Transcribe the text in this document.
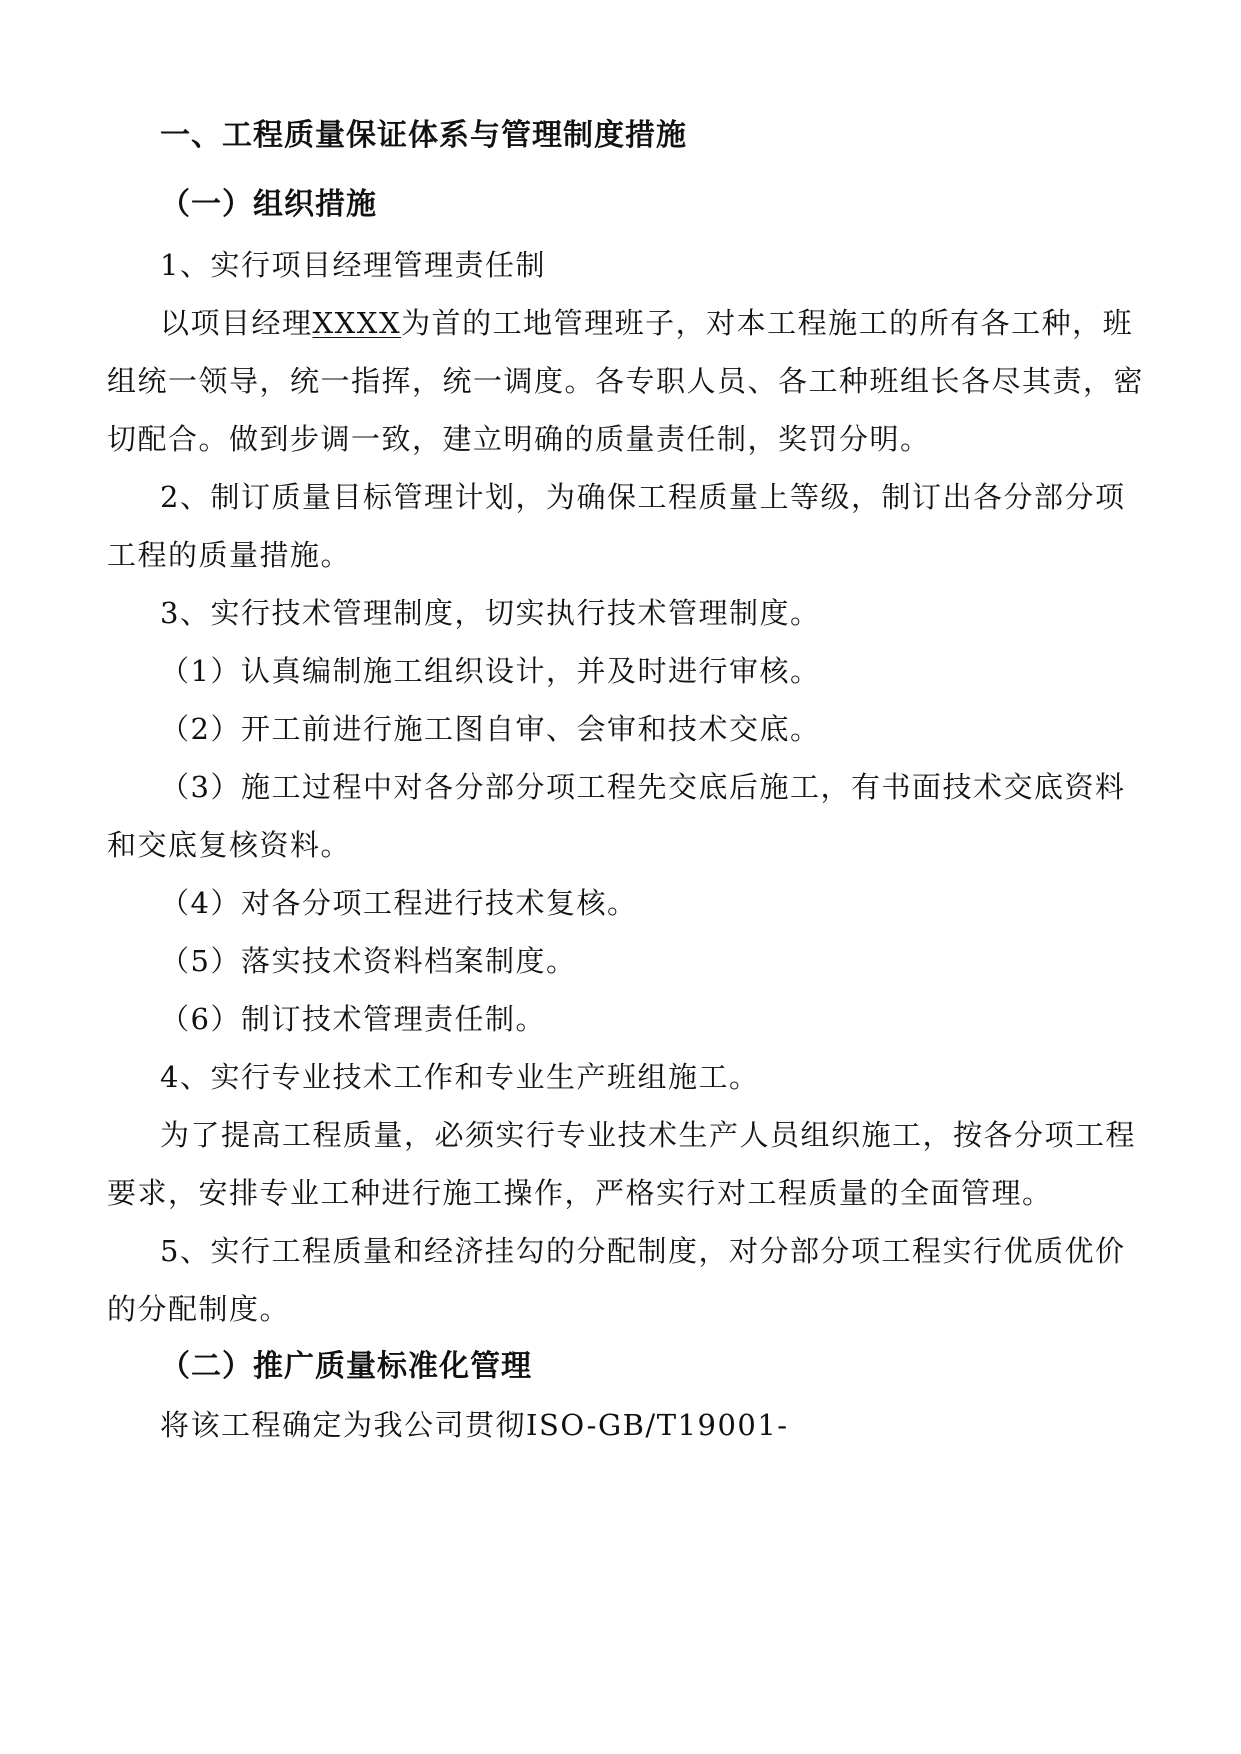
一、工程质量保证体系与管理制度措施
（一）组织措施
1、实行项目经理管理责任制
以项目经理XXXX为首的工地管理班子，对本工程施工的所有各工种，班
组统一领导，统一指挥，统一调度。各专职人员、各工种班组长各尽其责，密
切配合。做到步调一致，建立明确的质量责任制，奖罚分明。
2、制订质量目标管理计划，为确保工程质量上等级，制订出各分部分项
工程的质量措施。
3、实行技术管理制度，切实执行技术管理制度。
（1）认真编制施工组织设计，并及时进行审核。
（2）开工前进行施工图自审、会审和技术交底。
（3）施工过程中对各分部分项工程先交底后施工，有书面技术交底资料
和交底复核资料。
（4）对各分项工程进行技术复核。
（5）落实技术资料档案制度。
（6）制订技术管理责任制。
4、实行专业技术工作和专业生产班组施工。
为了提高工程质量，必须实行专业技术生产人员组织施工，按各分项工程
要求，安排专业工种进行施工操作，严格实行对工程质量的全面管理。
5、实行工程质量和经济挂勾的分配制度，对分部分项工程实行优质优价
的分配制度。
（二）推广质量标准化管理
将该工程确定为我公司贯彻ISO-GB/T19001-
